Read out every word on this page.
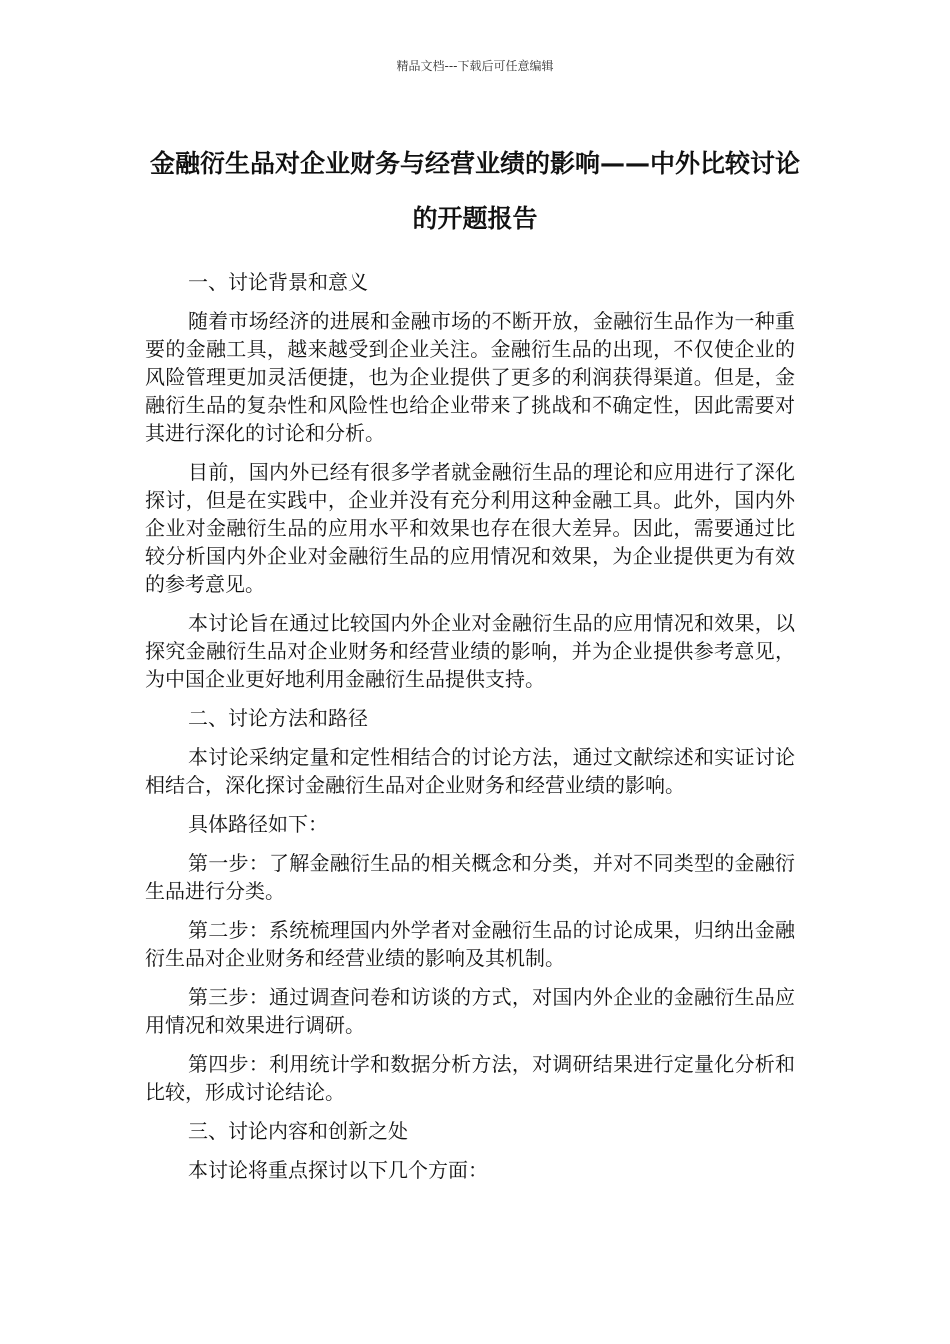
精品文档---下载后可任意编辑
金融衍生品对企业财务与经营业绩的影响——中外比较讨论的开题报告

一、讨论背景和意义

随着市场经济的进展和金融市场的不断开放，金融衍生品作为一种重要的金融工具，越来越受到企业关注。金融衍生品的出现，不仅使企业的风险管理更加灵活便捷，也为企业提供了更多的利润获得渠道。但是，金融衍生品的复杂性和风险性也给企业带来了挑战和不确定性，因此需要对其进行深化的讨论和分析。

目前，国内外已经有很多学者就金融衍生品的理论和应用进行了深化探讨，但是在实践中，企业并没有充分利用这种金融工具。此外，国内外企业对金融衍生品的应用水平和效果也存在很大差异。因此，需要通过比较分析国内外企业对金融衍生品的应用情况和效果，为企业提供更为有效的参考意见。

本讨论旨在通过比较国内外企业对金融衍生品的应用情况和效果，以探究金融衍生品对企业财务和经营业绩的影响，并为企业提供参考意见，为中国企业更好地利用金融衍生品提供支持。

二、讨论方法和路径

本讨论采纳定量和定性相结合的讨论方法，通过文献综述和实证讨论相结合，深化探讨金融衍生品对企业财务和经营业绩的影响。

具体路径如下：

第一步：了解金融衍生品的相关概念和分类，并对不同类型的金融衍生品进行分类。

第二步：系统梳理国内外学者对金融衍生品的讨论成果，归纳出金融衍生品对企业财务和经营业绩的影响及其机制。

第三步：通过调查问卷和访谈的方式，对国内外企业的金融衍生品应用情况和效果进行调研。

第四步：利用统计学和数据分析方法，对调研结果进行定量化分析和比较，形成讨论结论。

三、讨论内容和创新之处

本讨论将重点探讨以下几个方面：
